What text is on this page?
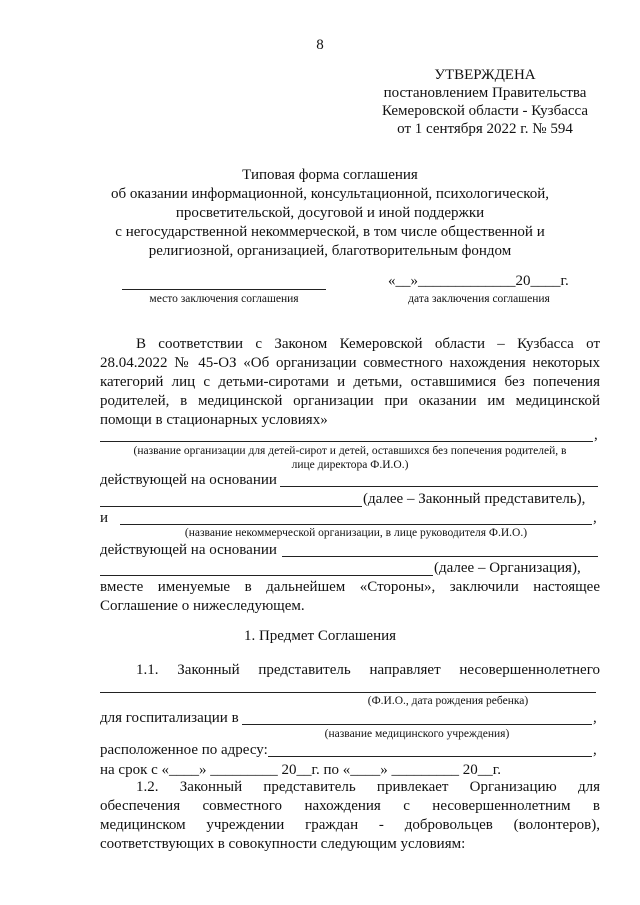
8
УТВЕРЖДЕНА
постановлением Правительства
Кемеровской области - Кузбасса
от 1 сентября 2022 г. № 594
Типовая форма соглашения
об оказании информационной, консультационной, психологической,
просветительской, досуговой и иной поддержки
с негосударственной некоммерческой, в том числе общественной и
религиозной, организацией, благотворительным фондом
«__»_____________20____г.
место заключения соглашения	дата заключения соглашения
В соответствии с Законом Кемеровской области – Кузбасса от
28.04.2022 № 45-ОЗ «Об организации совместного нахождения некоторых
категорий лиц с детьми-сиротами и детьми, оставшимися без попечения
родителей, в медицинской организации при оказании им медицинской
помощи в стационарных условиях»
,
(название организации для детей-сирот и детей, оставшихся без попечения родителей, в
лице директора Ф.И.О.)
действующей на основании
(далее – Законный представитель),
и	,
(название некоммерческой организации, в лице руководителя Ф.И.О.)
действующей на основании
(далее – Организация),
вместе именуемые в дальнейшем «Стороны», заключили настоящее
Соглашение о нижеследующем.
1. Предмет Соглашения
1.1. Законный представитель направляет несовершеннолетнего
(Ф.И.О., дата рождения ребенка)
для госпитализации в	,
(название медицинского учреждения)
расположенное по адресу:	,
на срок с «____» _________ 20__г. по «____» _________ 20__г.
1.2. Законный представитель привлекает Организацию для
обеспечения совместного нахождения с несовершеннолетним в
медицинском учреждении граждан - добровольцев (волонтеров),
соответствующих в совокупности следующим условиям:
